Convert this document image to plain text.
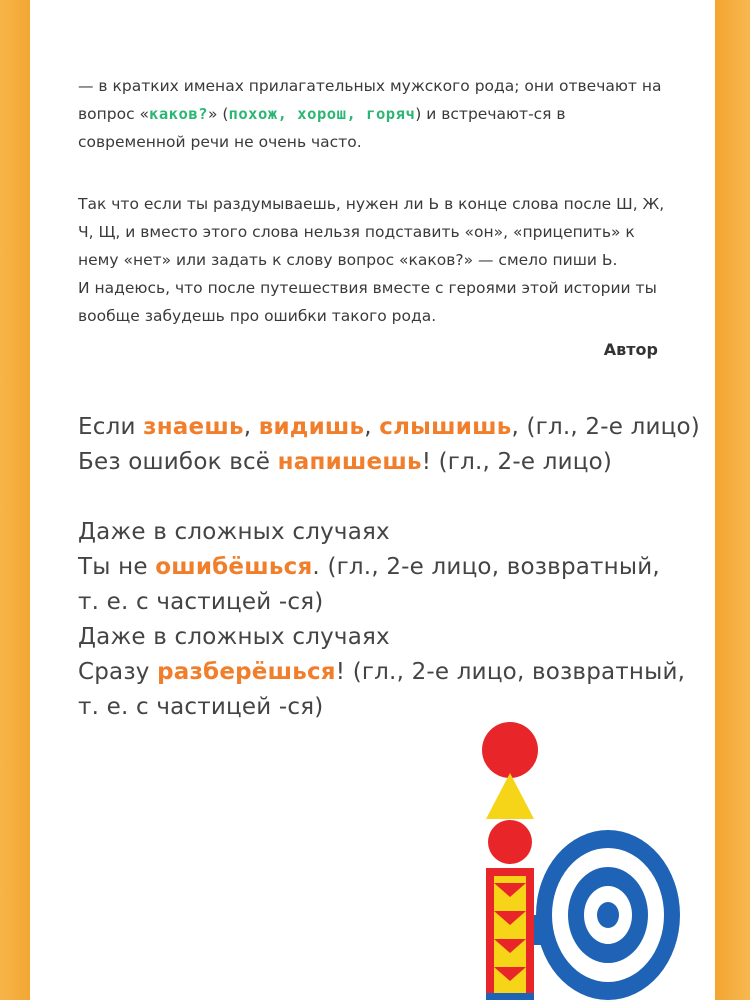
— в кратких именах прилагательных мужского рода; они отвечают на вопрос «каков?» (похож, хорош, горяч) и встречают-ся в современной речи не очень часто.
Так что если ты раздумываешь, нужен ли Ь в конце слова после Ш, Ж, Ч, Щ, и вместо этого слова нельзя подставить «он», «прицепить» к нему «нет» или задать к слову вопрос «каков?» — смело пиши Ь.
И надеюсь, что после путешествия вместе с героями этой истории ты вообще забудешь про ошибки такого рода.
Автор
Если знаешь, видишь, слышишь, (гл., 2-е лицо)
Без ошибок всё напишешь! (гл., 2-е лицо)
Даже в сложных случаях
Ты не ошибёшься. (гл., 2-е лицо, возвратный,
т. е. с частицей -ся)
Даже в сложных случаях
Сразу разберёшься! (гл., 2-е лицо, возвратный,
т. е. с частицей -ся)
